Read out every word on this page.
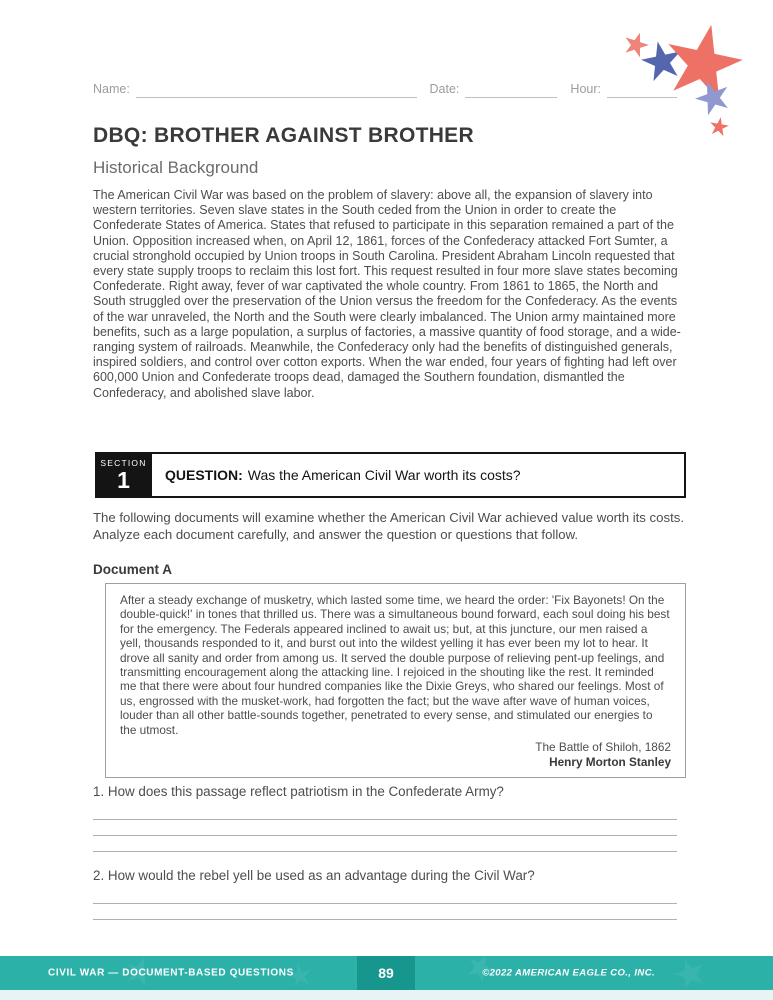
Name:	Date:	Hour:
DBQ: BROTHER AGAINST BROTHER
Historical Background
The American Civil War was based on the problem of slavery: above all, the expansion of slavery into western territories. Seven slave states in the South ceded from the Union in order to create the Confederate States of America. States that refused to participate in this separation remained a part of the Union. Opposition increased when, on April 12, 1861, forces of the Confederacy attacked Fort Sumter, a crucial stronghold occupied by Union troops in South Carolina. President Abraham Lincoln requested that every state supply troops to reclaim this lost fort. This request resulted in four more slave states becoming Confederate. Right away, fever of war captivated the whole country. From 1861 to 1865, the North and South struggled over the preservation of the Union versus the freedom for the Confederacy. As the events of the war unraveled, the North and the South were clearly imbalanced. The Union army maintained more benefits, such as a large population, a surplus of factories, a massive quantity of food storage, and a wide-ranging system of railroads. Meanwhile, the Confederacy only had the benefits of distinguished generals, inspired soldiers, and control over cotton exports. When the war ended, four years of fighting had left over 600,000 Union and Confederate troops dead, damaged the Southern foundation, dismantled the Confederacy, and abolished slave labor.
SECTION
1	QUESTION: Was the American Civil War worth its costs?
The following documents will examine whether the American Civil War achieved value worth its costs. Analyze each document carefully, and answer the question or questions that follow.
Document A
After a steady exchange of musketry, which lasted some time, we heard the order: 'Fix Bayonets! On the double-quick!' in tones that thrilled us. There was a simultaneous bound forward, each soul doing his best for the emergency. The Federals appeared inclined to await us; but, at this juncture, our men raised a yell, thousands responded to it, and burst out into the wildest yelling it has ever been my lot to hear. It drove all sanity and order from among us. It served the double purpose of relieving pent-up feelings, and transmitting encouragement along the attacking line. I rejoiced in the shouting like the rest. It reminded me that there were about four hundred companies like the Dixie Greys, who shared our feelings. Most of us, engrossed with the musket-work, had forgotten the fact; but the wave after wave of human voices, louder than all other battle-sounds together, penetrated to every sense, and stimulated our energies to the utmost.
The Battle of Shiloh, 1862
Henry Morton Stanley
1. How does this passage reflect patriotism in the Confederate Army?
2. How would the rebel yell be used as an advantage during the Civil War?
CIVIL WAR — DOCUMENT-BASED QUESTIONS	89	©2022 AMERICAN EAGLE CO., INC.
